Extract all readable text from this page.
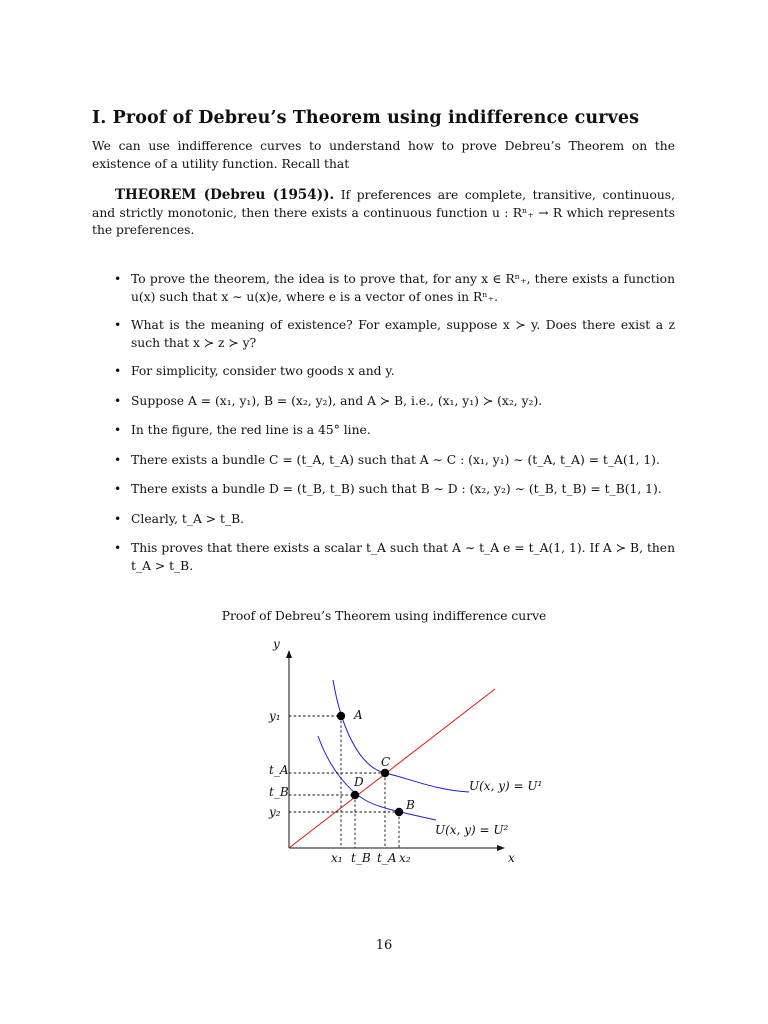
I. Proof of Debreu’s Theorem using indifference curves

We can use indifference curves to understand how to prove Debreu’s Theorem on the existence of a utility function. Recall that

THEOREM (Debreu (1954)). If preferences are complete, transitive, continuous, and strictly monotonic, then there exists a continuous function u : Rⁿ₊ → R which represents the preferences.

• To prove the theorem, the idea is to prove that, for any x ∈ Rⁿ₊, there exists a function u(x) such that x ∼ u(x)e, where e is a vector of ones in Rⁿ₊.
• What is the meaning of existence? For example, suppose x ≻ y. Does there exist a z such that x ≻ z ≻ y?
• For simplicity, consider two goods x and y.
• Suppose A = (x₁, y₁), B = (x₂, y₂), and A ≻ B, i.e., (x₁, y₁) ≻ (x₂, y₂).
• In the figure, the red line is a 45° line.
• There exists a bundle C = (t_A, t_A) such that A ∼ C : (x₁, y₁) ∼ (t_A, t_A) = t_A(1, 1).
• There exists a bundle D = (t_B, t_B) such that B ∼ D : (x₂, y₂) ∼ (t_B, t_B) = t_B(1, 1).
• Clearly, t_A > t_B.
• This proves that there exists a scalar t_A such that A ∼ t_A e = t_A(1, 1). If A ≻ B, then t_A > t_B.
Proof of Debreu’s Theorem using indifference curve
A
C
D
B
y
x
y₁
t_A
t_B
y₂
x₁ t_B t_A x₂
U(x, y) = U¹
U(x, y) = U²
16
